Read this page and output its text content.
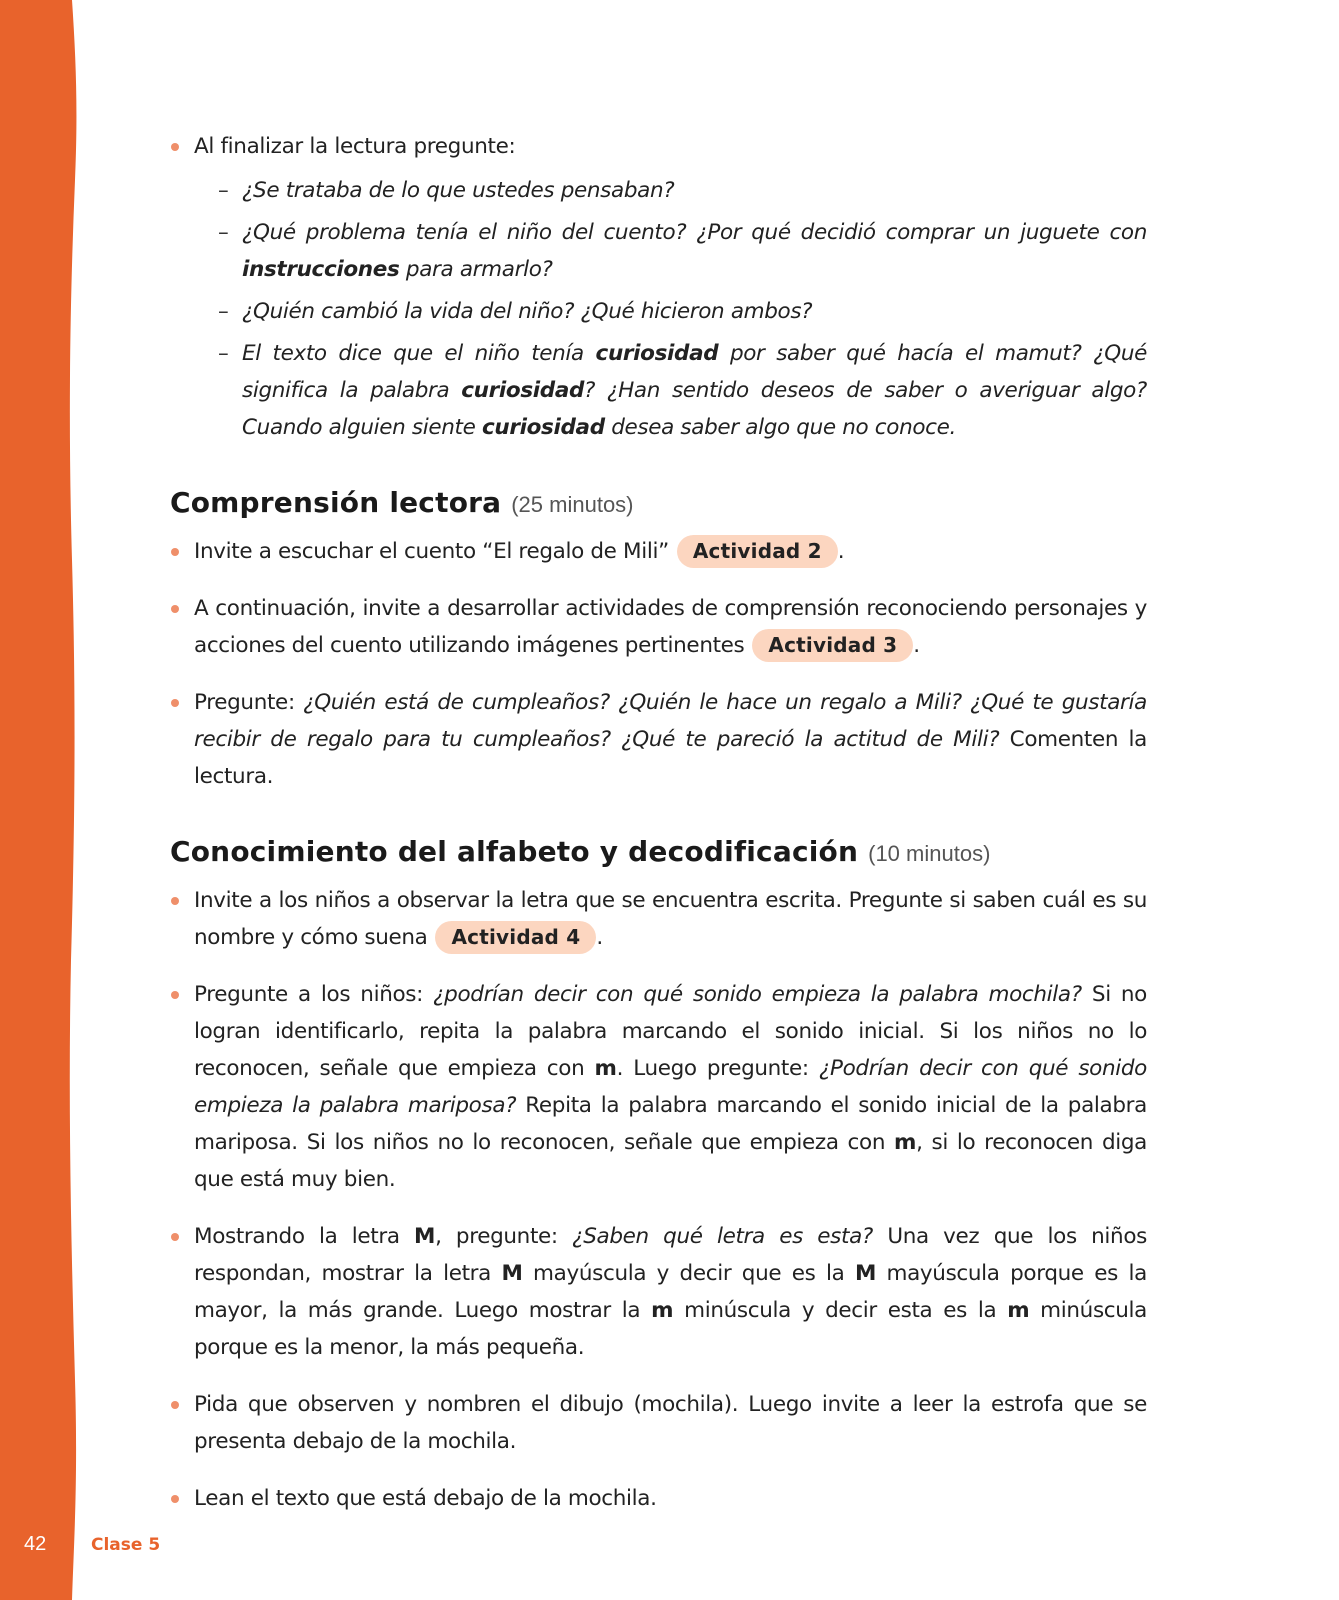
42	Clase 5
Al finalizar la lectura pregunte:
– ¿Se trataba de lo que ustedes pensaban?
– ¿Qué problema tenía el niño del cuento? ¿Por qué decidió comprar un juguete con instrucciones para armarlo?
– ¿Quién cambió la vida del niño? ¿Qué hicieron ambos?
– El texto dice que el niño tenía curiosidad por saber qué hacía el mamut? ¿Qué significa la palabra curiosidad? ¿Han sentido deseos de saber o averiguar algo? Cuando alguien siente curiosidad desea saber algo que no conoce.
Comprensión lectora (25 minutos)
Invite a escuchar el cuento “El regalo de Mili” Actividad 2 .
A continuación, invite a desarrollar actividades de comprensión reconociendo personajes y acciones del cuento utilizando imágenes pertinentes Actividad 3 .
Pregunte: ¿Quién está de cumpleaños? ¿Quién le hace un regalo a Mili? ¿Qué te gustaría recibir de regalo para tu cumpleaños? ¿Qué te pareció la actitud de Mili? Comenten la lectura.
Conocimiento del alfabeto y decodificación (10 minutos)
Invite a los niños a observar la letra que se encuentra escrita. Pregunte si saben cuál es su nombre y cómo suena Actividad 4 .
Pregunte a los niños: ¿podrían decir con qué sonido empieza la palabra mochila? Si no logran identificarlo, repita la palabra marcando el sonido inicial. Si los niños no lo reconocen, señale que empieza con m. Luego pregunte: ¿Podrían decir con qué sonido empieza la palabra mariposa? Repita la palabra marcando el sonido inicial de la palabra mariposa. Si los niños no lo reconocen, señale que empieza con m, si lo reconocen diga que está muy bien.
Mostrando la letra M, pregunte: ¿Saben qué letra es esta? Una vez que los niños respondan, mostrar la letra M mayúscula y decir que es la M mayúscula porque es la mayor, la más grande. Luego mostrar la m minúscula y decir esta es la m minúscula porque es la menor, la más pequeña.
Pida que observen y nombren el dibujo (mochila). Luego invite a leer la estrofa que se presenta debajo de la mochila.
Lean el texto que está debajo de la mochila.
